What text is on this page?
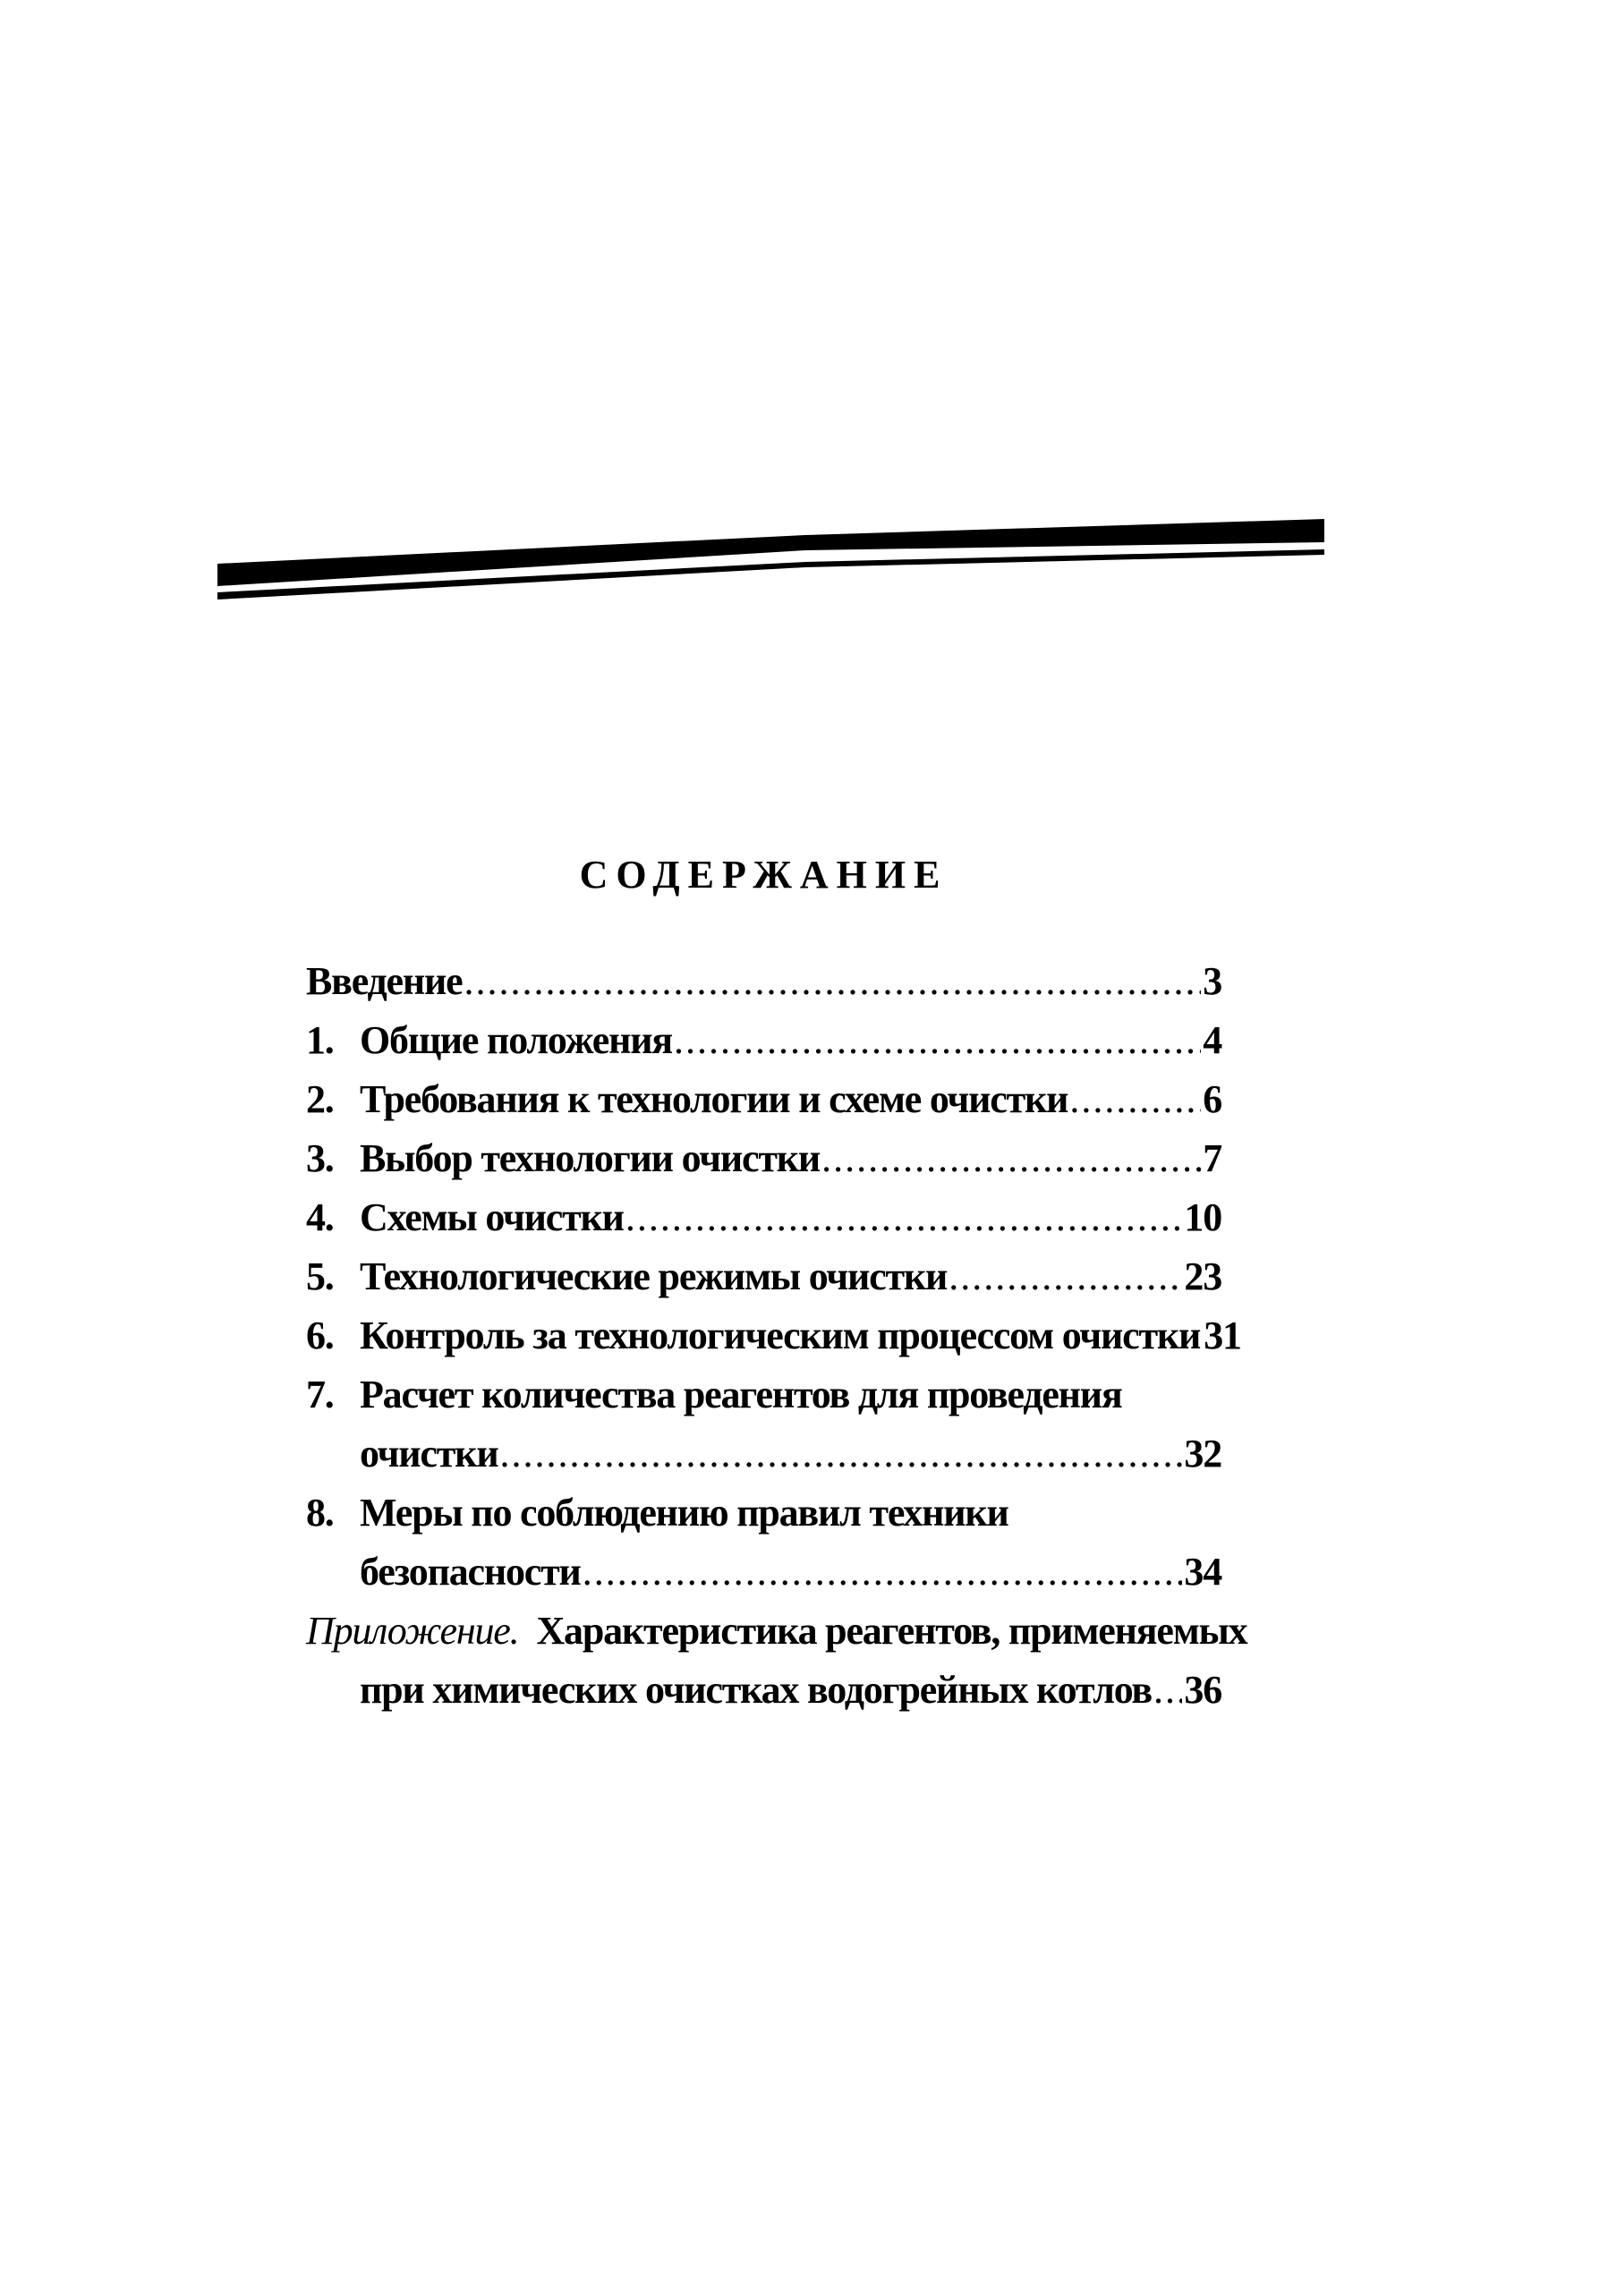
СОДЕРЖАНИЕ
Введение .....	3
1. Общие положения .....	4
2. Требования к технологии и схеме очистки .....	6
3. Выбор технологии очистки .....	7
4. Схемы очистки .....	10
5. Технологические режимы очистки .....	23
6. Контроль за технологическим процессом очистки 31
7. Расчет количества реагентов для проведения
очистки .....	32
8. Меры по соблюдению правил техники
безопасности .....	34
Приложение. Характеристика реагентов, применяемых
при химических очистках водогрейных котлов ..... 36
